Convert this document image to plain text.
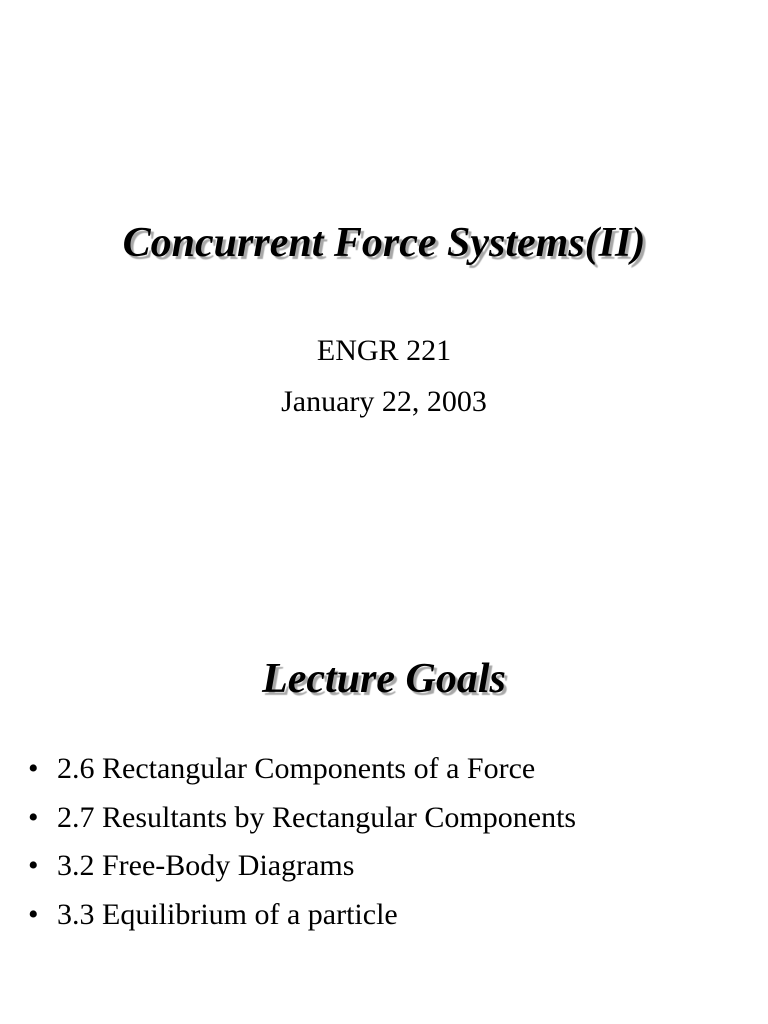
Concurrent Force Systems(II)
ENGR 221
January 22, 2003
Lecture Goals
• 2.6 Rectangular Components of a Force
• 2.7 Resultants by Rectangular Components
• 3.2 Free-Body Diagrams
• 3.3 Equilibrium of a particle
